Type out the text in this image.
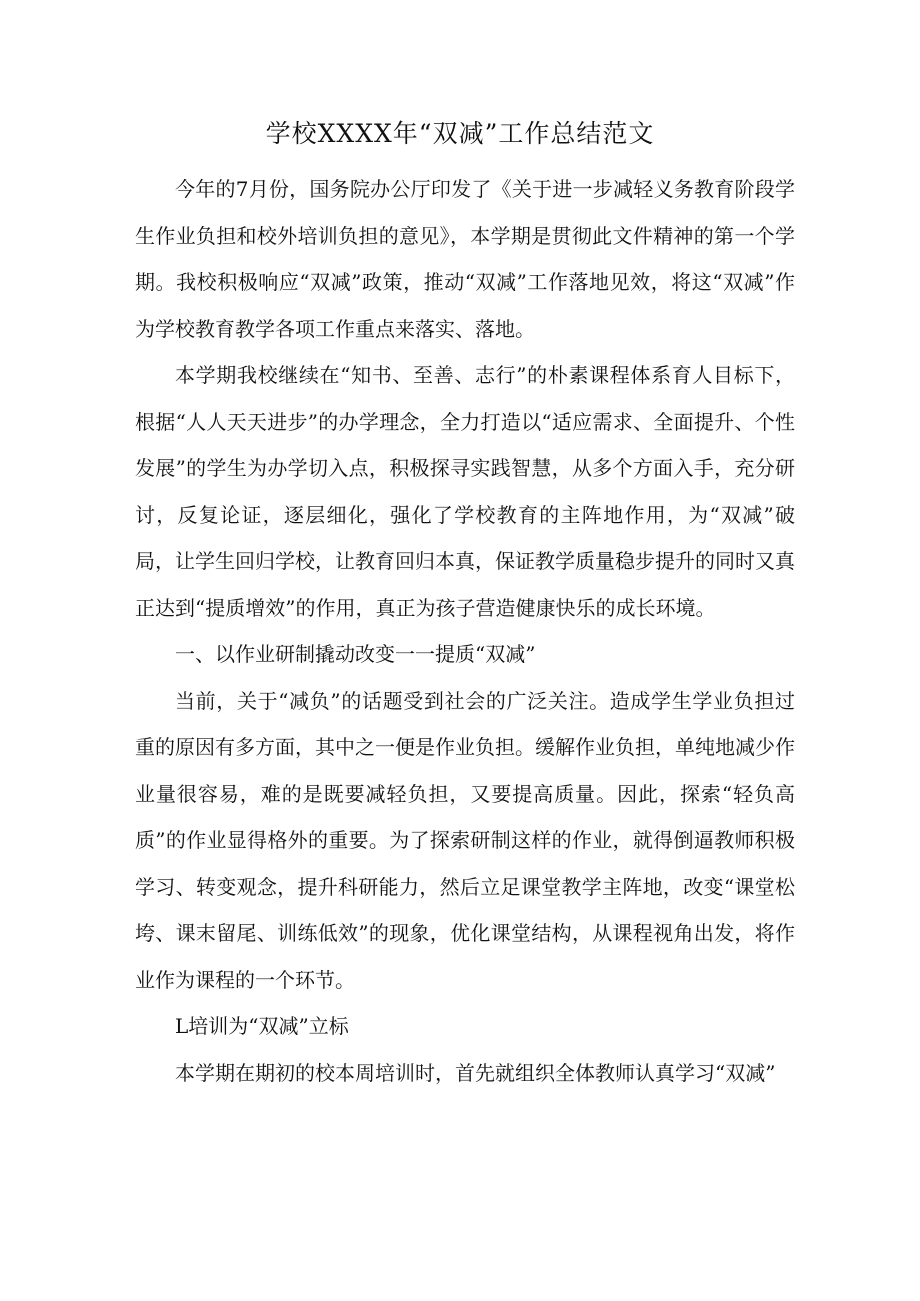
学校XXXX年“双减”工作总结范文

今年的7月份，国务院办公厅印发了《关于进一步减轻义务教育阶段学生作业负担和校外培训负担的意见》，本学期是贯彻此文件精神的第一个学期。我校积极响应“双减”政策，推动“双减”工作落地见效，将这“双减”作为学校教育教学各项工作重点来落实、落地。

本学期我校继续在“知书、至善、志行”的朴素课程体系育人目标下，根据“人人天天进步”的办学理念，全力打造以“适应需求、全面提升、个性发展”的学生为办学切入点，积极探寻实践智慧，从多个方面入手，充分研讨，反复论证，逐层细化，强化了学校教育的主阵地作用，为“双减”破局，让学生回归学校，让教育回归本真，保证教学质量稳步提升的同时又真正达到“提质增效”的作用，真正为孩子营造健康快乐的成长环境。

一、以作业研制撬动改变一一提质“双减”

当前，关于“减负”的话题受到社会的广泛关注。造成学生学业负担过重的原因有多方面，其中之一便是作业负担。缓解作业负担，单纯地减少作业量很容易，难的是既要减轻负担，又要提高质量。因此，探索“轻负高质”的作业显得格外的重要。为了探索研制这样的作业，就得倒逼教师积极学习、转变观念，提升科研能力，然后立足课堂教学主阵地，改变“课堂松垮、课末留尾、训练低效”的现象，优化课堂结构，从课程视角出发，将作业作为课程的一个环节。

L培训为“双减”立标

本学期在期初的校本周培训时，首先就组织全体教师认真学习“双减”
